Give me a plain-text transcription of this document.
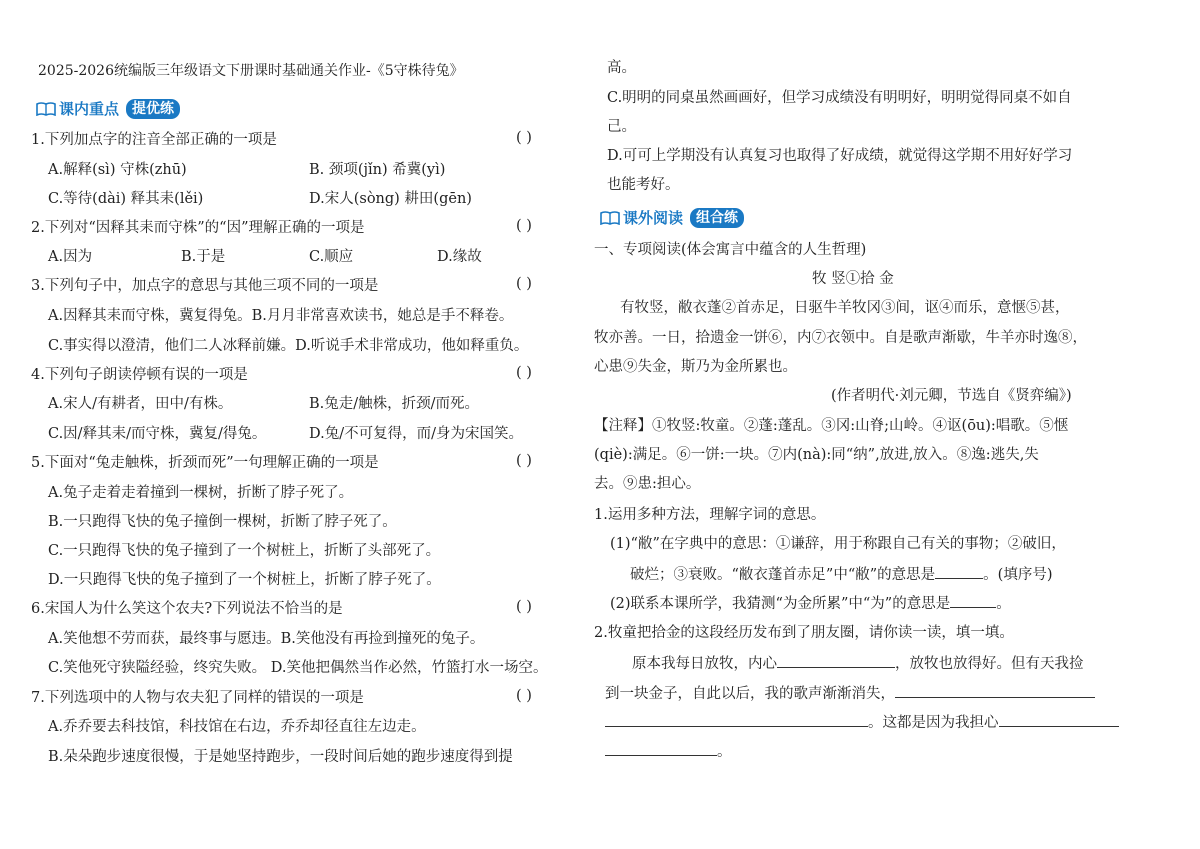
2025-2026统编版三年级语文下册课时基础通关作业-《5守株待兔》
课内重点 提优练
1.下列加点字的注音全部正确的一项是	( )
A.解释(sì) 守株(zhū)	B. 颈项(jǐn) 希冀(yì)
C.等待(dài) 释其耒(lěi)	D.宋人(sòng) 耕田(gēn)
2.下列对“因释其耒而守株”的“因”理解正确的一项是	( )
A.因为	B.于是	C.顺应	D.缘故
3.下列句子中，加点字的意思与其他三项不同的一项是	( )
A.因释其耒而守株，冀复得兔。B.月月非常喜欢读书，她总是手不释卷。
C.事实得以澄清，他们二人冰释前嫌。D.听说手术非常成功，他如释重负。
4.下列句子朗读停顿有误的一项是	( )
A.宋人/有耕者，田中/有株。	B.兔走/触株，折颈/而死。
C.因/释其耒/而守株，冀复/得兔。	D.兔/不可复得，而/身为宋国笑。
5.下面对“兔走触株，折颈而死”一句理解正确的一项是	( )
A.兔子走着走着撞到一棵树，折断了脖子死了。
B.一只跑得飞快的兔子撞倒一棵树，折断了脖子死了。
C.一只跑得飞快的兔子撞到了一个树桩上，折断了头部死了。
D.一只跑得飞快的兔子撞到了一个树桩上，折断了脖子死了。
6.宋国人为什么笑这个农夫?下列说法不恰当的是	( )
A.笑他想不劳而获，最终事与愿违。B.笑他没有再捡到撞死的兔子。
C.笑他死守狭隘经验，终究失败。 D.笑他把偶然当作必然，竹篮打水一场空。
7.下列选项中的人物与农夫犯了同样的错误的一项是	( )
A.乔乔要去科技馆，科技馆在右边，乔乔却径直往左边走。
B.朵朵跑步速度很慢，于是她坚持跑步，一段时间后她的跑步速度得到提
高。
C.明明的同桌虽然画画好，但学习成绩没有明明好，明明觉得同桌不如自
己。
D.可可上学期没有认真复习也取得了好成绩，就觉得这学期不用好好学习
也能考好。
课外阅读 组合练
一、专项阅读(体会寓言中蕴含的人生哲理)
牧 竖①拾 金
有牧竖，敝衣蓬②首赤足，日驱牛羊牧冈③间，讴④而乐，意惬⑤甚，
牧亦善。一日，拾遗金一饼⑥，内⑦衣领中。自是歌声渐歇，牛羊亦时逸⑧，
心患⑨失金，斯乃为金所累也。
(作者明代·刘元卿，节选自《贤弈编》)
【注释】①牧竖:牧童。②蓬:蓬乱。③冈:山脊;山岭。④讴(ōu):唱歌。⑤惬
(qiè):满足。⑥一饼:一块。⑦内(nà):同“纳”,放进,放入。⑧逸:逃失,失
去。⑨患:担心。
1.运用多种方法，理解字词的意思。
(1)“敝”在字典中的意思：①谦辞，用于称跟自己有关的事物；②破旧，
破烂；③衰败。“敝衣蓬首赤足”中“敝”的意思是	。(填序号)
(2)联系本课所学，我猜测“为金所累”中“为”的意思是	。
2.牧童把拾金的这段经历发布到了朋友圈，请你读一读，填一填。
原本我每日放牧，内心	，放牧也放得好。但有天我捡
到一块金子，自此以后，我的歌声渐渐消失，
。这都是因为我担心
。
